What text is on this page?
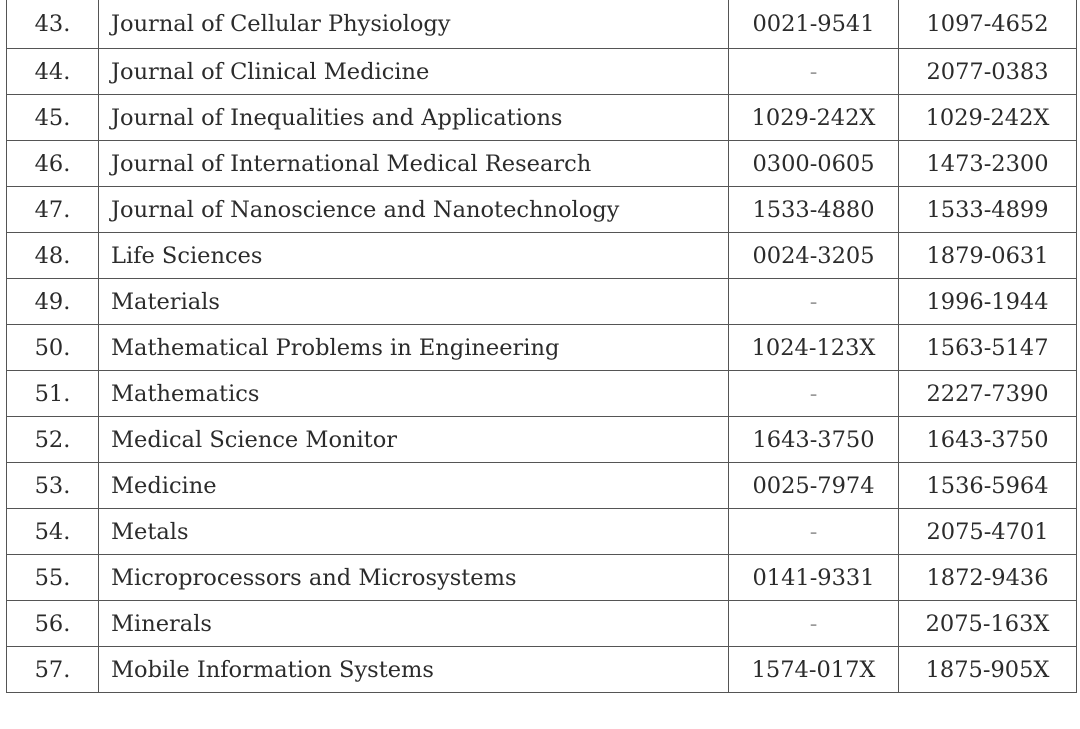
43.	Journal of Cellular Physiology	0021-9541	1097-4652
44.	Journal of Clinical Medicine	-	2077-0383
45.	Journal of Inequalities and Applications	1029-242X	1029-242X
46.	Journal of International Medical Research	0300-0605	1473-2300
47.	Journal of Nanoscience and Nanotechnology	1533-4880	1533-4899
48.	Life Sciences	0024-3205	1879-0631
49.	Materials	-	1996-1944
50.	Mathematical Problems in Engineering	1024-123X	1563-5147
51.	Mathematics	-	2227-7390
52.	Medical Science Monitor	1643-3750	1643-3750
53.	Medicine	0025-7974	1536-5964
54.	Metals	-	2075-4701
55.	Microprocessors and Microsystems	0141-9331	1872-9436
56.	Minerals	-	2075-163X
57.	Mobile Information Systems	1574-017X	1875-905X
